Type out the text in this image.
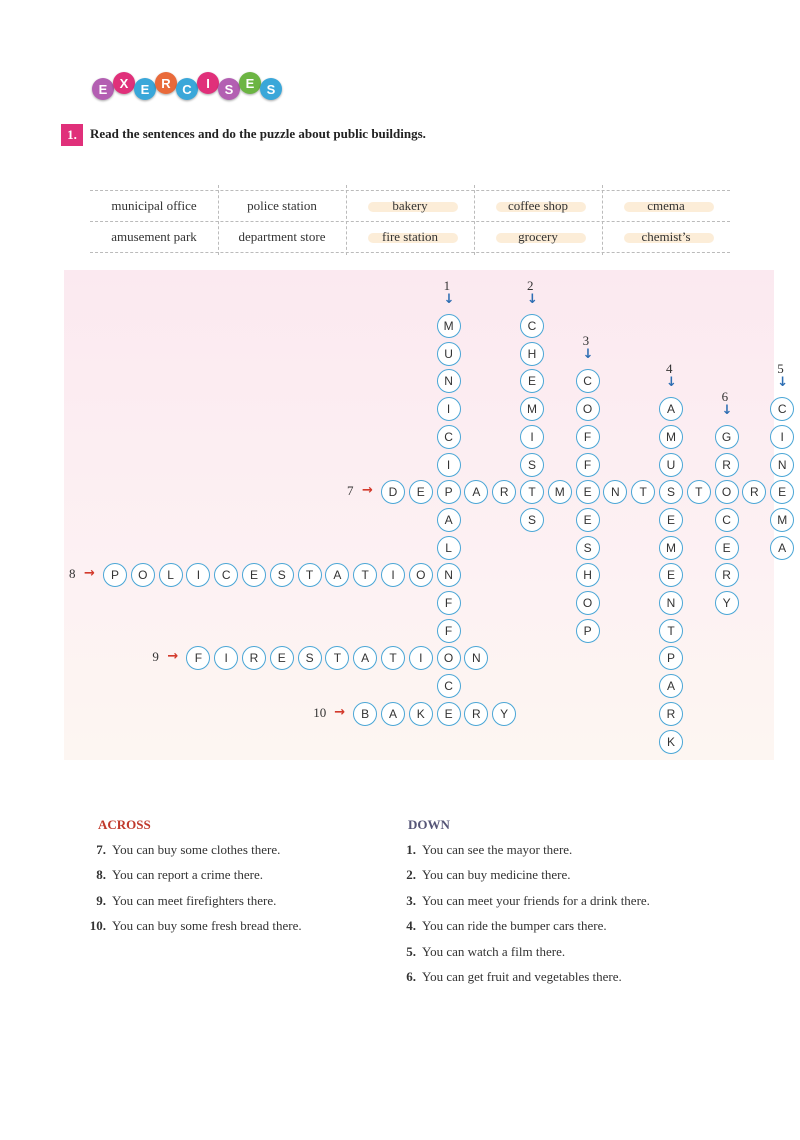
E X E R C	I	S E S
1.	Read the sentences and do the puzzle about public buildings.
municipal office	police station	bakery	coffee shop	cmema
amusement park	department store	fire station	grocery	chemist’s
M
U
N
I
C
I
P
A
L
N
F
F
O
C
E
C
H
E
M
I
S
T
S
C
O
F
F
E
E
S
H
O
P
A
M
U
S
E
M
E
N
T
P
A
R
K
G
R
O
C
E
R
Y
C
I
N
E
M
A
D	E	A	R	M	N	T	T	R
P	O	L	I	C	E	S	T	A	T	I	O
F	I	R	E	S	T	A	T	I	N
B	A	K	R	Y
1
↓
2
↓
3
↓
4
↓
6
↓
5
↓
7 →
8 →
9 →
10 →
ACROSS	DOWN
7. You can buy some clothes there.
8. You can report a crime there.
9. You can meet firefighters there.
10. You can buy some fresh bread there.
1. You can see the mayor there.
2. You can buy medicine there.
3. You can meet your friends for a drink there.
4. You can ride the bumper cars there.
5. You can watch a film there.
6. You can get fruit and vegetables there.
